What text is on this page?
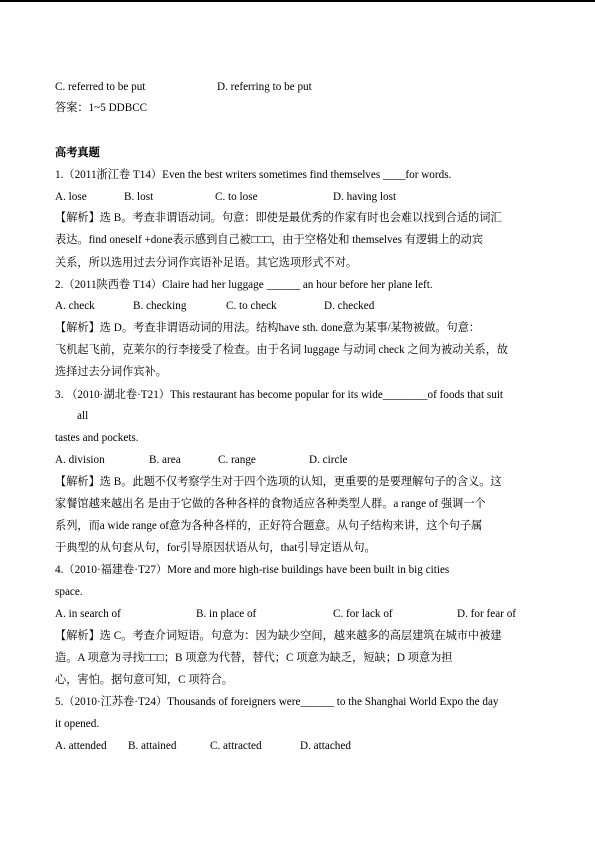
C. referred to be put	D. referring to be put
答案：1~5 DDBCC
高考真题
1.（2011浙江卷 T14）Even the best writers sometimes find themselves ____for words.
A. lose	B. lost	C. to lose	D. having lost
【解析】选 B。考查非谓语动词。句意：即使是最优秀的作家有时也会难以找到合适的词汇
表达。find oneself +done表示感到自己被□□□，由于空格处和 themselves 有逻辑上的动宾
关系，所以选用过去分词作宾语补足语。其它选项形式不对。
2.（2011陕西卷 T14）Claire had her luggage ______ an hour before her plane left.
A. check	B. checking	C. to check	D. checked
【解析】选 D。考查非谓语动词的用法。结构have sth. done意为某事/某物被做。句意：
飞机起飞前，克莱尔的行李接受了检查。由于名词 luggage 与动词 check 之间为被动关系，故
选择过去分词作宾补。
3. （2010·湖北卷·T21）This restaurant has become popular for its wide________of foods that suit
all
tastes and pockets.
A. division	B. area	C. range	D. circle
【解析】选 B。此题不仅考察学生对于四个选项的认知，更重要的是要理解句子的含义。这
家餐馆越来越出名 是由于它做的各种各样的食物适应各种类型人群。a range of 强调一个
系列，而a wide range of意为各种各样的，正好符合题意。从句子结构来讲，这个句子属
于典型的从句套从句，for引导原因状语从句，that引导定语从句。
4.（2010·福建卷·T27）More and more high-rise buildings have been built in big cities
space.
A. in search of	B. in place of	C. for lack of	D. for fear of
【解析】选 C。考查介词短语。句意为：因为缺少空间，越来越多的高层建筑在城市中被建
造。A 项意为寻找□□□；B 项意为代替，替代；C 项意为缺乏，短缺；D 项意为担
心，害怕。据句意可知，C 项符合。
5.（2010·江苏卷·T24）Thousands of foreigners were______ to the Shanghai World Expo the day
it opened.
A. attended B. attained	C. attracted	D. attached
